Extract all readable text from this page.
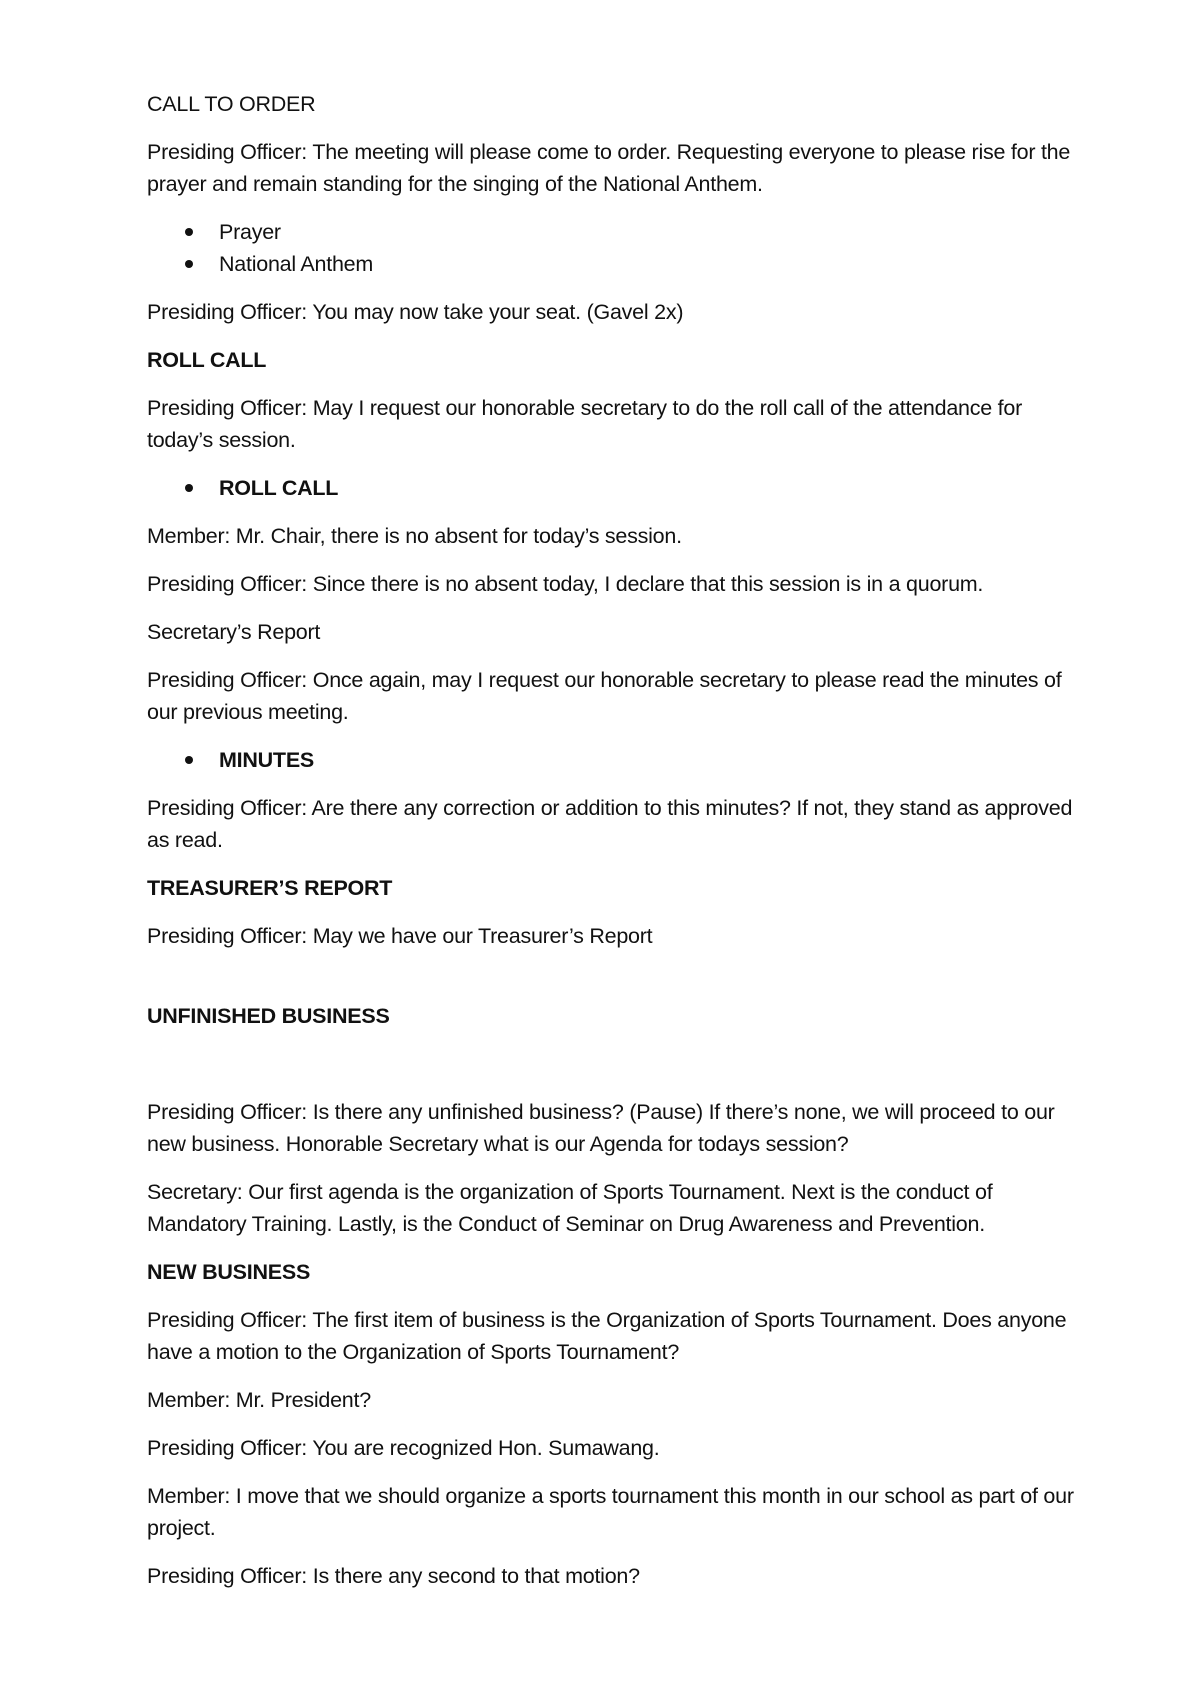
CALL TO ORDER

Presiding Officer: The meeting will please come to order. Requesting everyone to please rise for the prayer and remain standing for the singing of the National Anthem.

Prayer
National Anthem

Presiding Officer: You may now take your seat. (Gavel 2x)

ROLL CALL

Presiding Officer: May I request our honorable secretary to do the roll call of the attendance for today’s session.

ROLL CALL

Member: Mr. Chair, there is no absent for today’s session.

Presiding Officer: Since there is no absent today, I declare that this session is in a quorum.

Secretary’s Report

Presiding Officer: Once again, may I request our honorable secretary to please read the minutes of our previous meeting.

MINUTES

Presiding Officer: Are there any correction or addition to this minutes? If not, they stand as approved as read.

TREASURER’S REPORT

Presiding Officer: May we have our Treasurer’s Report

UNFINISHED BUSINESS

Presiding Officer: Is there any unfinished business? (Pause) If there’s none, we will proceed to our new business. Honorable Secretary what is our Agenda for todays session?

Secretary: Our first agenda is the organization of Sports Tournament. Next is the conduct of Mandatory Training. Lastly, is the Conduct of Seminar on Drug Awareness and Prevention.

NEW BUSINESS

Presiding Officer: The first item of business is the Organization of Sports Tournament. Does anyone have a motion to the Organization of Sports Tournament?

Member: Mr. President?

Presiding Officer: You are recognized Hon. Sumawang.

Member: I move that we should organize a sports tournament this month in our school as part of our project.

Presiding Officer: Is there any second to that motion?
